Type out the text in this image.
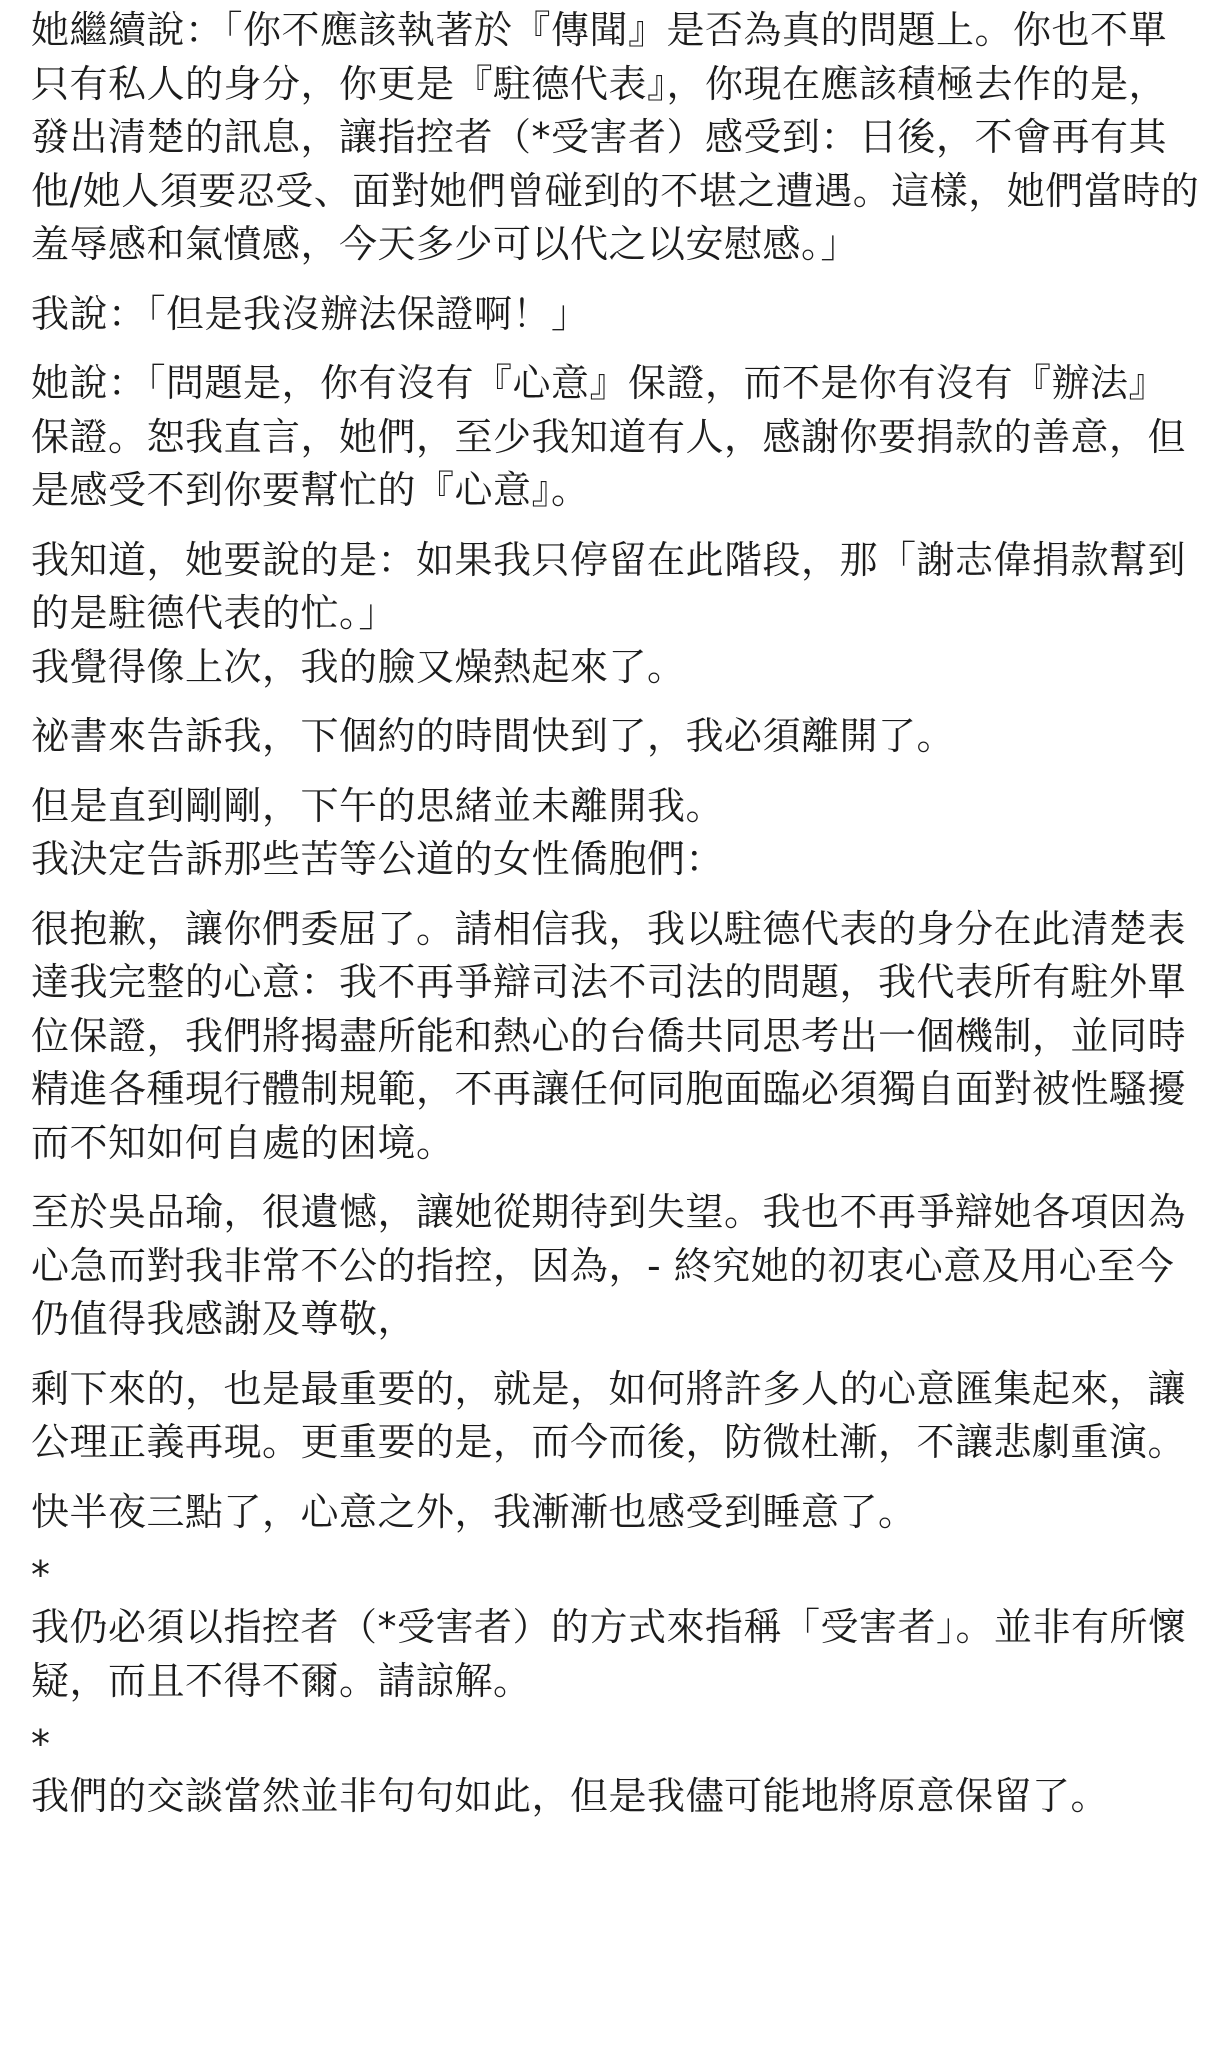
她繼續說：「你不應該執著於『傳聞』是否為真的問題上。你也不單只有私人的身分，你更是『駐德代表』，你現在應該積極去作的是，發出清楚的訊息，讓指控者（*受害者）感受到：日後，不會再有其他/她人須要忍受、面對她們曾碰到的不堪之遭遇。這樣，她們當時的羞辱感和氣憤感，今天多少可以代之以安慰感。」

我說：「但是我沒辦法保證啊！」

她說：「問題是，你有沒有『心意』保證，而不是你有沒有『辦法』保證。恕我直言，她們，至少我知道有人，感謝你要捐款的善意，但是感受不到你要幫忙的『心意』。

我知道，她要說的是：如果我只停留在此階段，那「謝志偉捐款幫到的是駐德代表的忙。」
我覺得像上次，我的臉又燥熱起來了。

祕書來告訴我，下個約的時間快到了，我必須離開了。

但是直到剛剛，下午的思緒並未離開我。
我決定告訴那些苦等公道的女性僑胞們：

很抱歉，讓你們委屈了。請相信我，我以駐德代表的身分在此清楚表達我完整的心意：我不再爭辯司法不司法的問題，我代表所有駐外單位保證，我們將揭盡所能和熱心的台僑共同思考出一個機制，並同時精進各種現行體制規範，不再讓任何同胞面臨必須獨自面對被性騷擾而不知如何自處的困境。

至於吳品瑜，很遺憾，讓她從期待到失望。我也不再爭辯她各項因為心急而對我非常不公的指控，因為，- 終究她的初衷心意及用心至今仍值得我感謝及尊敬，

剩下來的，也是最重要的，就是，如何將許多人的心意匯集起來，讓公理正義再現。更重要的是，而今而後，防微杜漸，不讓悲劇重演。

快半夜三點了，心意之外，我漸漸也感受到睡意了。

*

我仍必須以指控者（*受害者）的方式來指稱「受害者」。並非有所懷疑，而且不得不爾。請諒解。

*

我們的交談當然並非句句如此，但是我儘可能地將原意保留了。
